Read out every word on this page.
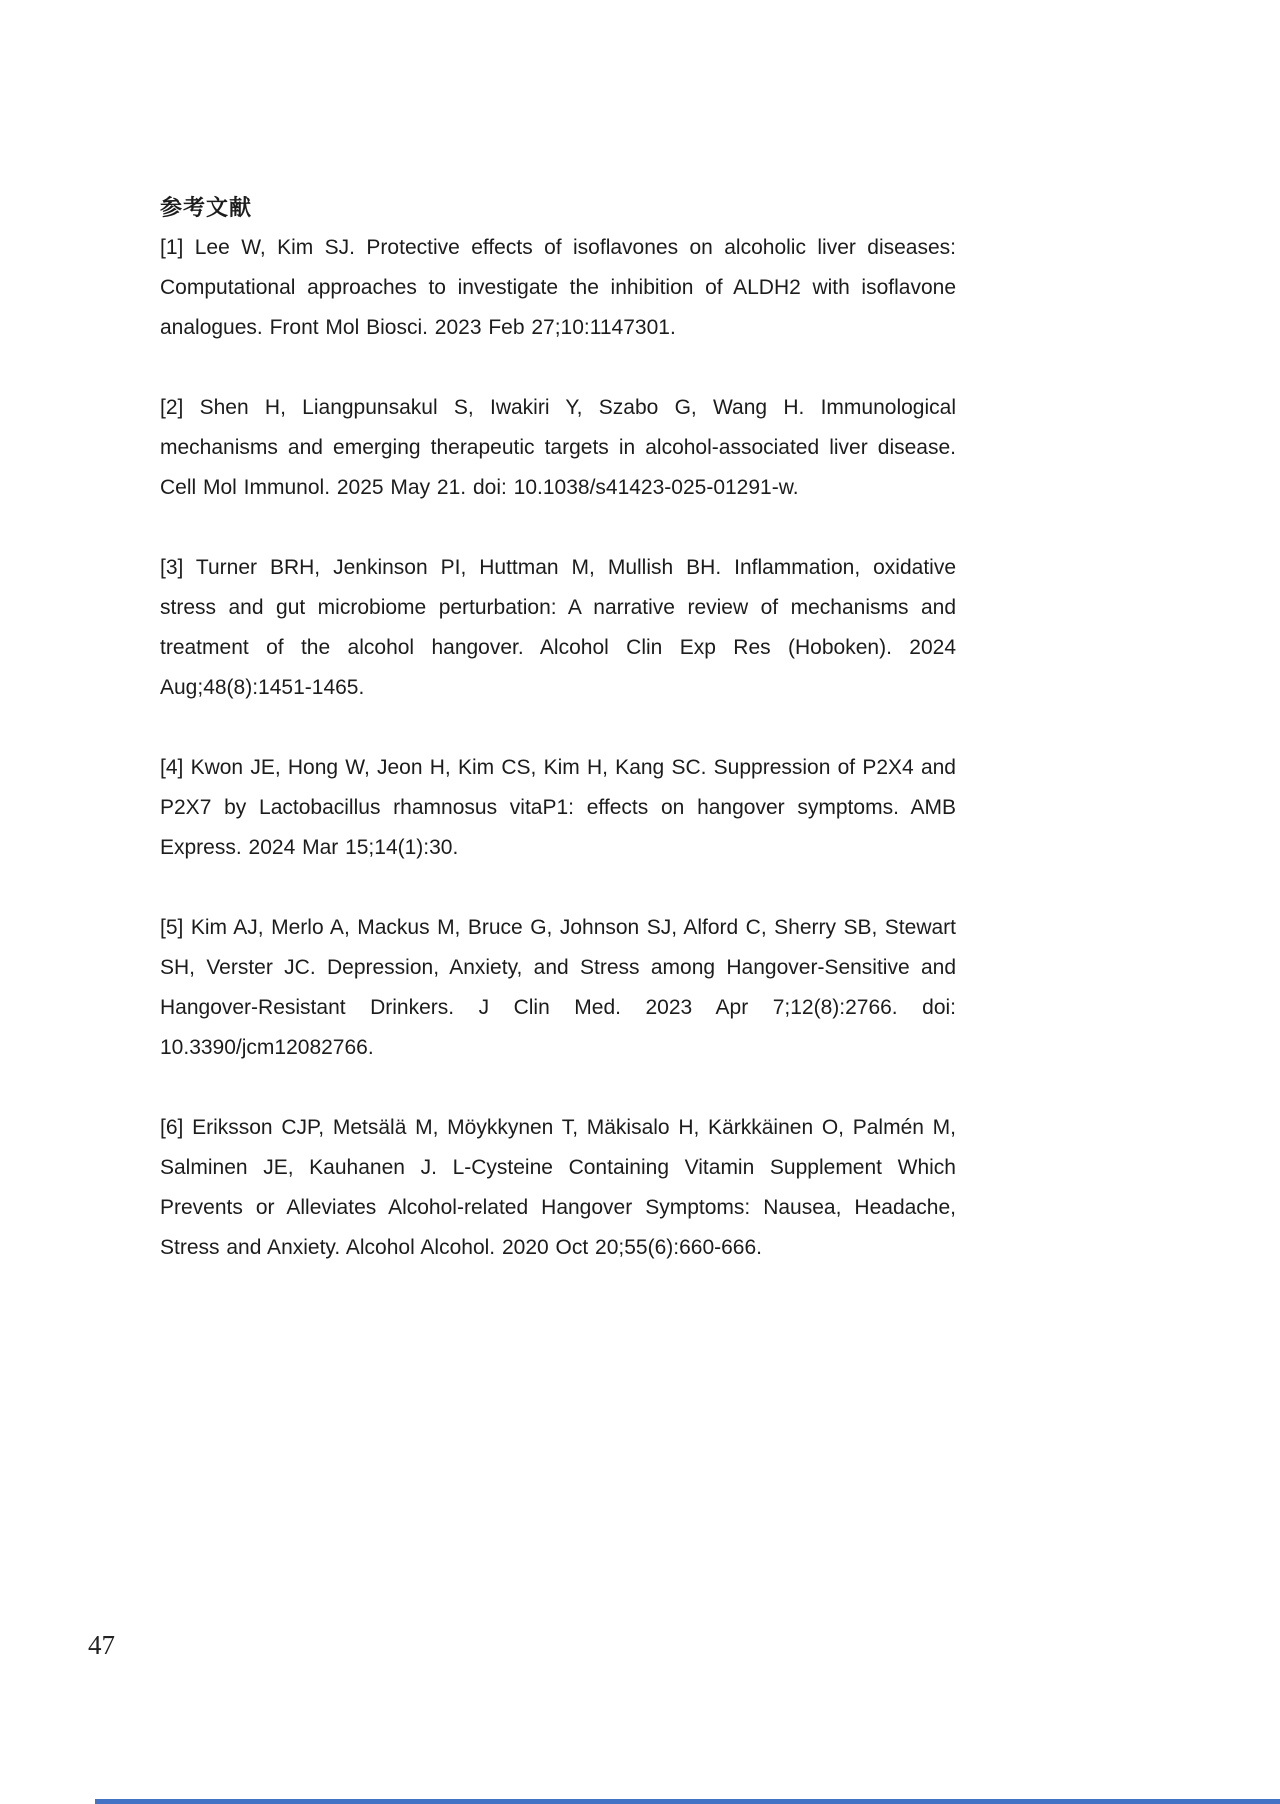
参考文献

[1] Lee W, Kim SJ. Protective effects of isoflavones on alcoholic liver diseases: Computational approaches to investigate the inhibition of ALDH2 with isoflavone analogues. Front Mol Biosci. 2023 Feb 27;10:1147301.

[2] Shen H, Liangpunsakul S, Iwakiri Y, Szabo G, Wang H. Immunological mechanisms and emerging therapeutic targets in alcohol-associated liver disease. Cell Mol Immunol. 2025 May 21. doi: 10.1038/s41423-025-01291-w.

[3] Turner BRH, Jenkinson PI, Huttman M, Mullish BH. Inflammation, oxidative stress and gut microbiome perturbation: A narrative review of mechanisms and treatment of the alcohol hangover. Alcohol Clin Exp Res (Hoboken). 2024 Aug;48(8):1451-1465.

[4] Kwon JE, Hong W, Jeon H, Kim CS, Kim H, Kang SC. Suppression of P2X4 and P2X7 by Lactobacillus rhamnosus vitaP1: effects on hangover symptoms. AMB Express. 2024 Mar 15;14(1):30.

[5] Kim AJ, Merlo A, Mackus M, Bruce G, Johnson SJ, Alford C, Sherry SB, Stewart SH, Verster JC. Depression, Anxiety, and Stress among Hangover-Sensitive and Hangover-Resistant Drinkers. J Clin Med. 2023 Apr 7;12(8):2766. doi: 10.3390/jcm12082766.

[6] Eriksson CJP, Metsälä M, Möykkynen T, Mäkisalo H, Kärkkäinen O, Palmén M, Salminen JE, Kauhanen J. L-Cysteine Containing Vitamin Supplement Which Prevents or Alleviates Alcohol-related Hangover Symptoms: Nausea, Headache, Stress and Anxiety. Alcohol Alcohol. 2020 Oct 20;55(6):660-666.

47
